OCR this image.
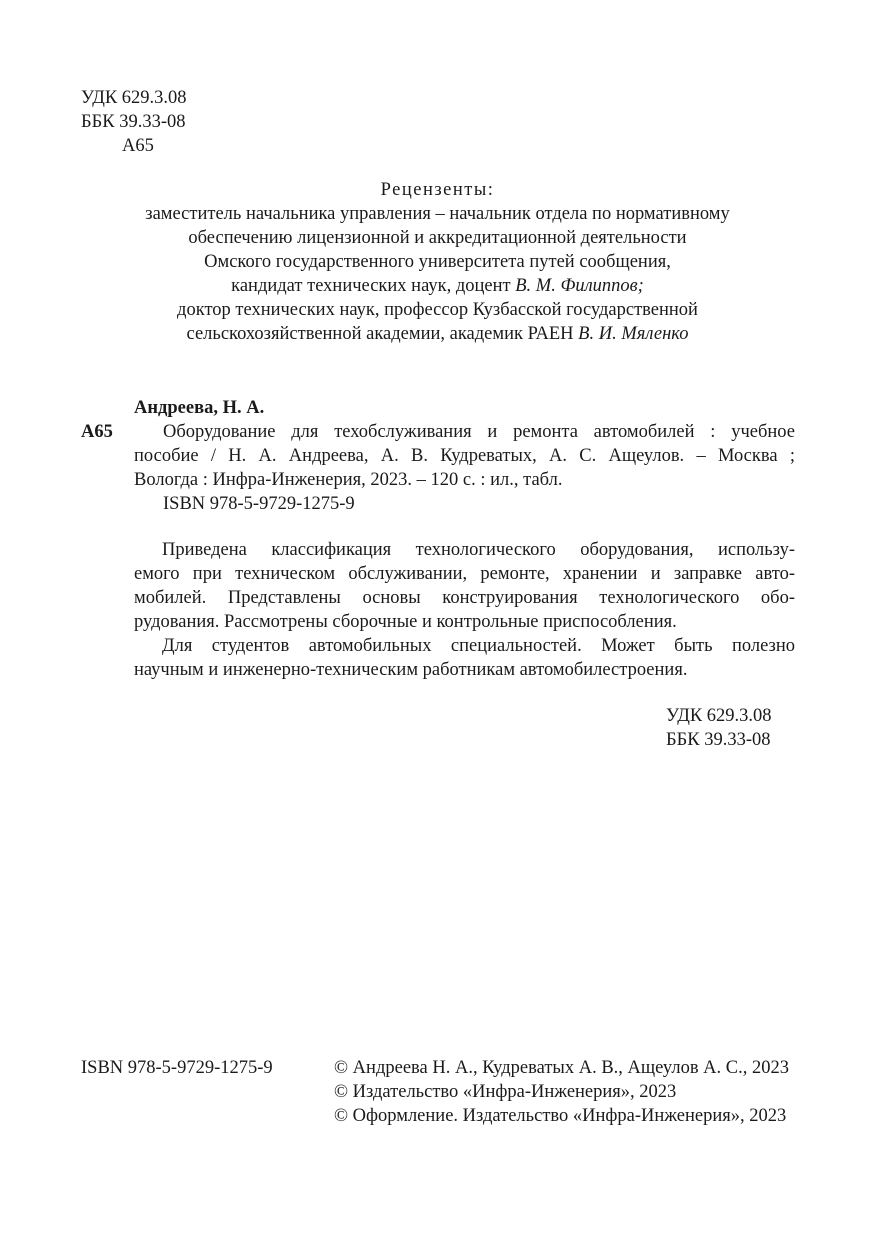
УДК 629.3.08
ББК 39.33-08
А65
Рецензенты:
заместитель начальника управления – начальник отдела по нормативному
обеспечению лицензионной и аккредитационной деятельности
Омского государственного университета путей сообщения,
кандидат технических наук, доцент В. М. Филиппов;
доктор технических наук, профессор Кузбасской государственной
сельскохозяйственной академии, академик РАЕН В. И. Мяленко
Андреева, Н. А.
А65	Оборудование для техобслуживания и ремонта автомобилей : учебное
пособие / Н. А. Андреева, А. В. Кудреватых, А. С. Ащеулов. – Москва ;
Вологда : Инфра-Инженерия, 2023. – 120 с. : ил., табл.
ISBN 978-5-9729-1275-9
Приведена классификация технологического оборудования, использу-
емого при техническом обслуживании, ремонте, хранении и заправке авто-
мобилей. Представлены основы конструирования технологического обо-
рудования. Рассмотрены сборочные и контрольные приспособления.
Для студентов автомобильных специальностей. Может быть полезно
научным и инженерно-техническим работникам автомобилестроения.
УДК 629.3.08
ББК 39.33-08
ISBN 978-5-9729-1275-9	© Андреева Н. А., Кудреватых А. В., Ащеулов А. С., 2023
© Издательство «Инфра-Инженерия», 2023
© Оформление. Издательство «Инфра-Инженерия», 2023
